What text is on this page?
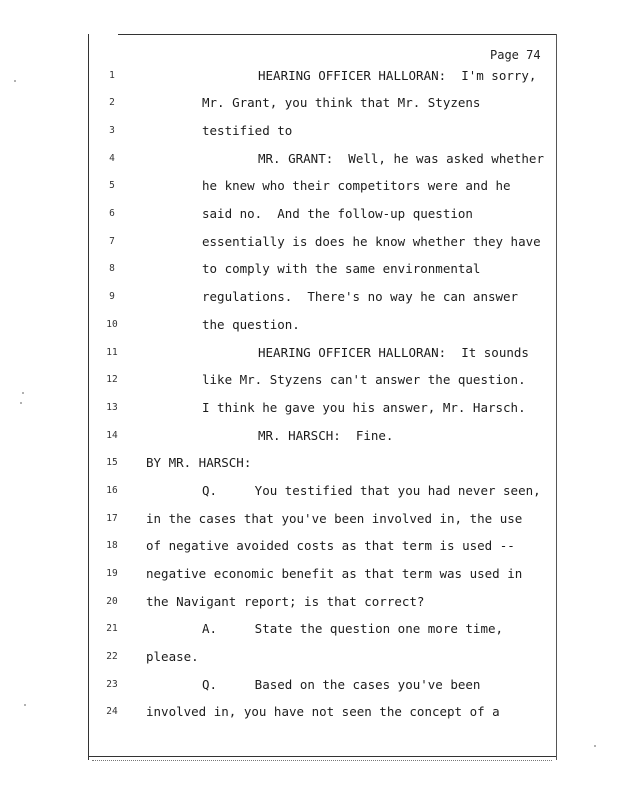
Page 74
1
2
3
4
5
6
7
8
9
10
11
12
13
14
15
16
17
18
19
20
21
22
23
24
HEARING OFFICER HALLORAN:  I'm sorry,
Mr. Grant, you think that Mr. Styzens
testified to
MR. GRANT:  Well, he was asked whether
he knew who their competitors were and he
said no.  And the follow-up question
essentially is does he know whether they have
to comply with the same environmental
regulations.  There's no way he can answer
the question.
HEARING OFFICER HALLORAN:  It sounds
like Mr. Styzens can't answer the question.
I think he gave you his answer, Mr. Harsch.
MR. HARSCH:  Fine.
BY MR. HARSCH:
Q.     You testified that you had never seen,
in the cases that you've been involved in, the use
of negative avoided costs as that term is used --
negative economic benefit as that term was used in
the Navigant report; is that correct?
A.     State the question one more time,
please.
Q.     Based on the cases you've been
involved in, you have not seen the concept of a
